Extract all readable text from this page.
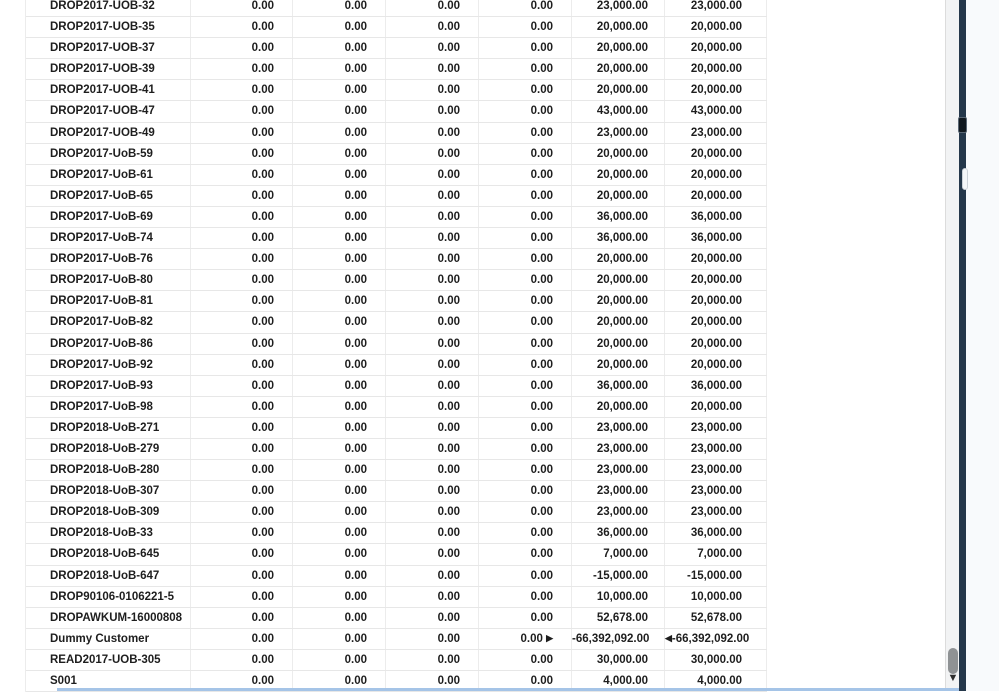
DROP2017-UOB-32	0.00	0.00	0.00	0.00	23,000.00	23,000.00
DROP2017-UOB-35	0.00	0.00	0.00	0.00	20,000.00	20,000.00
DROP2017-UOB-37	0.00	0.00	0.00	0.00	20,000.00	20,000.00
DROP2017-UOB-39	0.00	0.00	0.00	0.00	20,000.00	20,000.00
DROP2017-UOB-41	0.00	0.00	0.00	0.00	20,000.00	20,000.00
DROP2017-UOB-47	0.00	0.00	0.00	0.00	43,000.00	43,000.00
DROP2017-UOB-49	0.00	0.00	0.00	0.00	23,000.00	23,000.00
DROP2017-UoB-59	0.00	0.00	0.00	0.00	20,000.00	20,000.00
DROP2017-UoB-61	0.00	0.00	0.00	0.00	20,000.00	20,000.00
DROP2017-UoB-65	0.00	0.00	0.00	0.00	20,000.00	20,000.00
DROP2017-UoB-69	0.00	0.00	0.00	0.00	36,000.00	36,000.00
DROP2017-UoB-74	0.00	0.00	0.00	0.00	36,000.00	36,000.00
DROP2017-UoB-76	0.00	0.00	0.00	0.00	20,000.00	20,000.00
DROP2017-UoB-80	0.00	0.00	0.00	0.00	20,000.00	20,000.00
DROP2017-UoB-81	0.00	0.00	0.00	0.00	20,000.00	20,000.00
DROP2017-UoB-82	0.00	0.00	0.00	0.00	20,000.00	20,000.00
DROP2017-UoB-86	0.00	0.00	0.00	0.00	20,000.00	20,000.00
DROP2017-UoB-92	0.00	0.00	0.00	0.00	20,000.00	20,000.00
DROP2017-UoB-93	0.00	0.00	0.00	0.00	36,000.00	36,000.00
DROP2017-UoB-98	0.00	0.00	0.00	0.00	20,000.00	20,000.00
DROP2018-UoB-271	0.00	0.00	0.00	0.00	23,000.00	23,000.00
DROP2018-UoB-279	0.00	0.00	0.00	0.00	23,000.00	23,000.00
DROP2018-UoB-280	0.00	0.00	0.00	0.00	23,000.00	23,000.00
DROP2018-UoB-307	0.00	0.00	0.00	0.00	23,000.00	23,000.00
DROP2018-UoB-309	0.00	0.00	0.00	0.00	23,000.00	23,000.00
DROP2018-UoB-33	0.00	0.00	0.00	0.00	36,000.00	36,000.00
DROP2018-UoB-645	0.00	0.00	0.00	0.00	7,000.00	7,000.00
DROP2018-UoB-647	0.00	0.00	0.00	0.00	-15,000.00	-15,000.00
DROP90106-0106221-5	0.00	0.00	0.00	0.00	10,000.00	10,000.00
DROPAWKUM-16000808	0.00	0.00	0.00	0.00	52,678.00	52,678.00
Dummy Customer	0.00	0.00	0.00	0.00 ▶	-66,392,092.00	◀-66,392,092.00
READ2017-UOB-305	0.00	0.00	0.00	0.00	30,000.00	30,000.00
S001	0.00	0.00	0.00	0.00	4,000.00	4,000.00	▼
